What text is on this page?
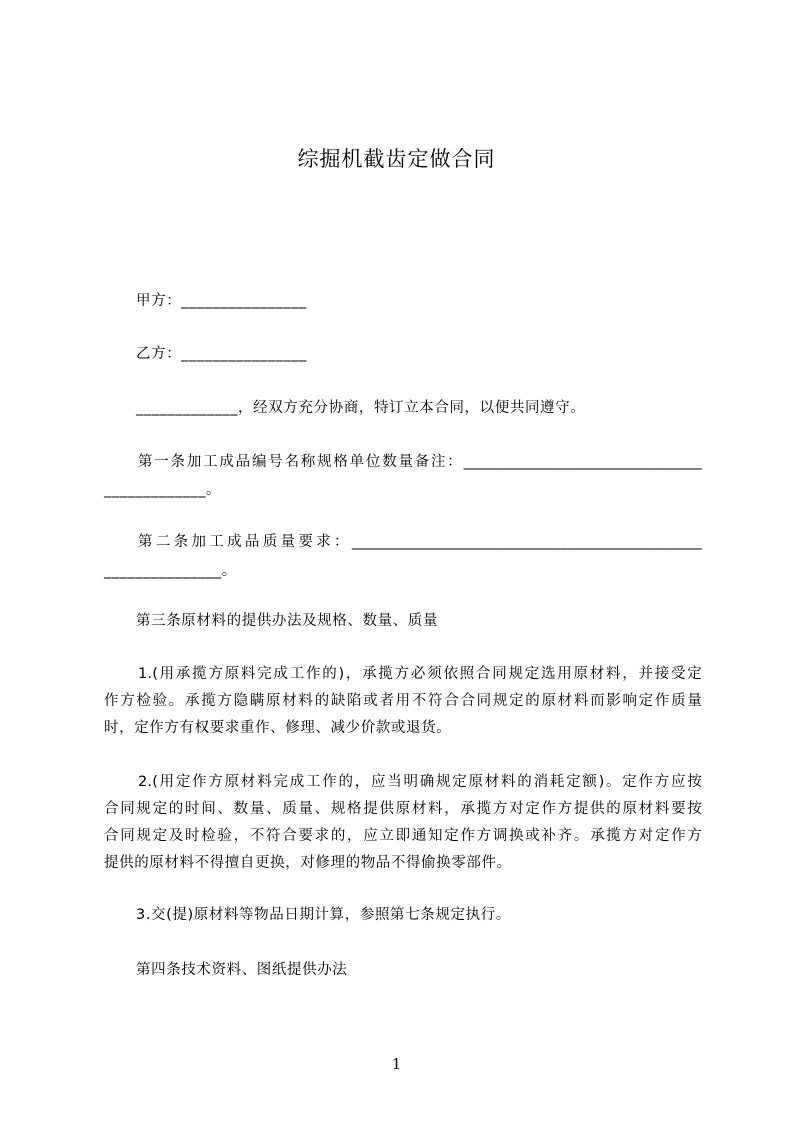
综掘机截齿定做合同
甲方：________________
乙方：________________
_____________，经双方充分协商，特订立本合同，以便共同遵守。
第一条加工成品编号名称规格单位数量备注：________________________________
_____________。
第二条加工成品质量要求：_______________________________________________
_______________。
第三条原材料的提供办法及规格、数量、质量
1.(用承揽方原料完成工作的)，承揽方必须依照合同规定选用原材料，并接受定
作方检验。承揽方隐瞒原材料的缺陷或者用不符合合同规定的原材料而影响定作质量
时，定作方有权要求重作、修理、减少价款或退货。
2.(用定作方原材料完成工作的，应当明确规定原材料的消耗定额)。定作方应按
合同规定的时间、数量、质量、规格提供原材料，承揽方对定作方提供的原材料要按
合同规定及时检验，不符合要求的，应立即通知定作方调换或补齐。承揽方对定作方
提供的原材料不得擅自更换，对修理的物品不得偷换零部件。
3.交(提)原材料等物品日期计算，参照第七条规定执行。
第四条技术资料、图纸提供办法
1
